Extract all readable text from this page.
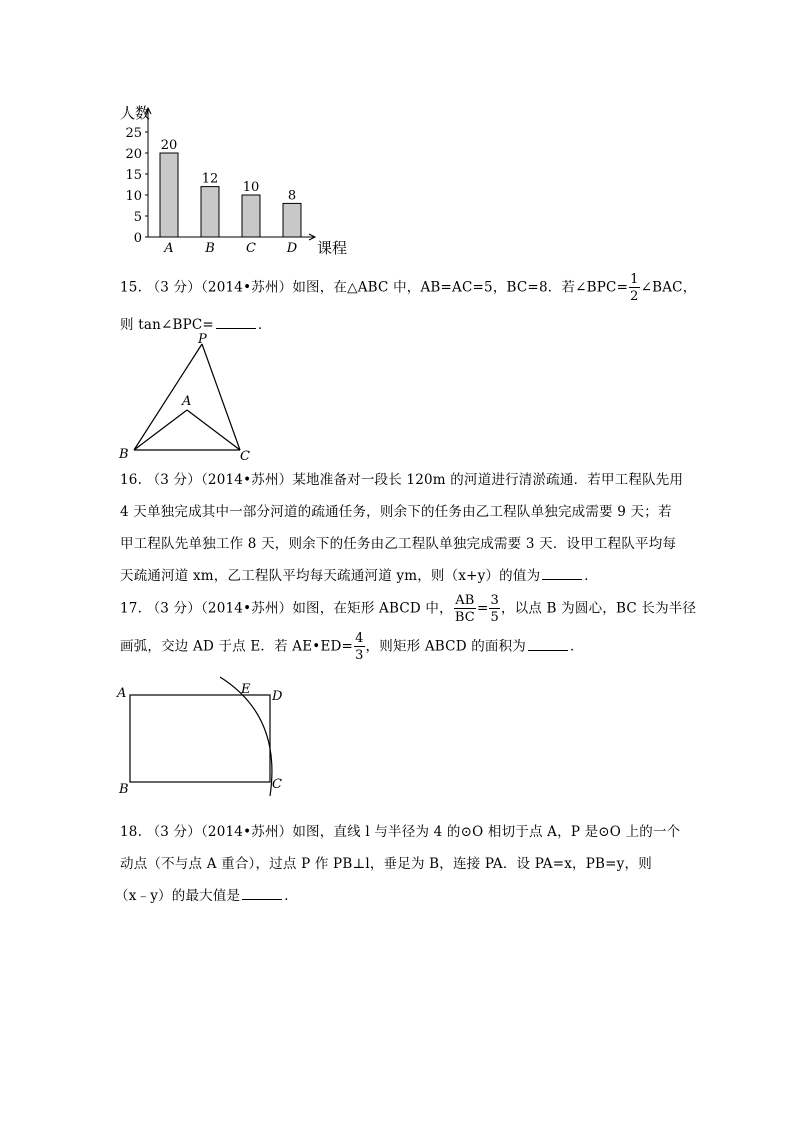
人数
课程
0
5
10
15
20
25
20
A
12
B
10
C
8
D
15. （3 分）（2014•苏州）如图，在△ABC 中，AB=AC=5，BC=8．若∠BPC= $\frac{1}{2}$ ∠BAC，
则 tan∠BPC=	．
P
A
B	C
16. （3 分）（2014•苏州）某地准备对一段长 120m 的河道进行清淤疏通．若甲工程队先用
4 天单独完成其中一部分河道的疏通任务，则余下的任务由乙工程队单独完成需要 9 天；若
甲工程队先单独工作 8 天，则余下的任务由乙工程队单独完成需要 3 天．设甲工程队平均每
天疏通河道 xm，乙工程队平均每天疏通河道 ym，则（x+y）的值为	．
17. （3 分）（2014•苏州）如图，在矩形 ABCD 中， $\frac{AB}{BC} = \frac{3}{5}$ ，以点 B 为圆心，BC 长为半径
画弧，交边 AD 于点 E．若 AE•ED= $\frac{4}{3}$ ，则矩形 ABCD 的面积为	．
A	E D
B	C
18. （3 分）（2014•苏州）如图，直线 l 与半径为 4 的⊙O 相切于点 A，P 是⊙O 上的一个
动点（不与点 A 重合），过点 P 作 PB⊥l，垂足为 B，连接 PA．设 PA=x，PB=y，则
（x﹣y）的最大值是	．
